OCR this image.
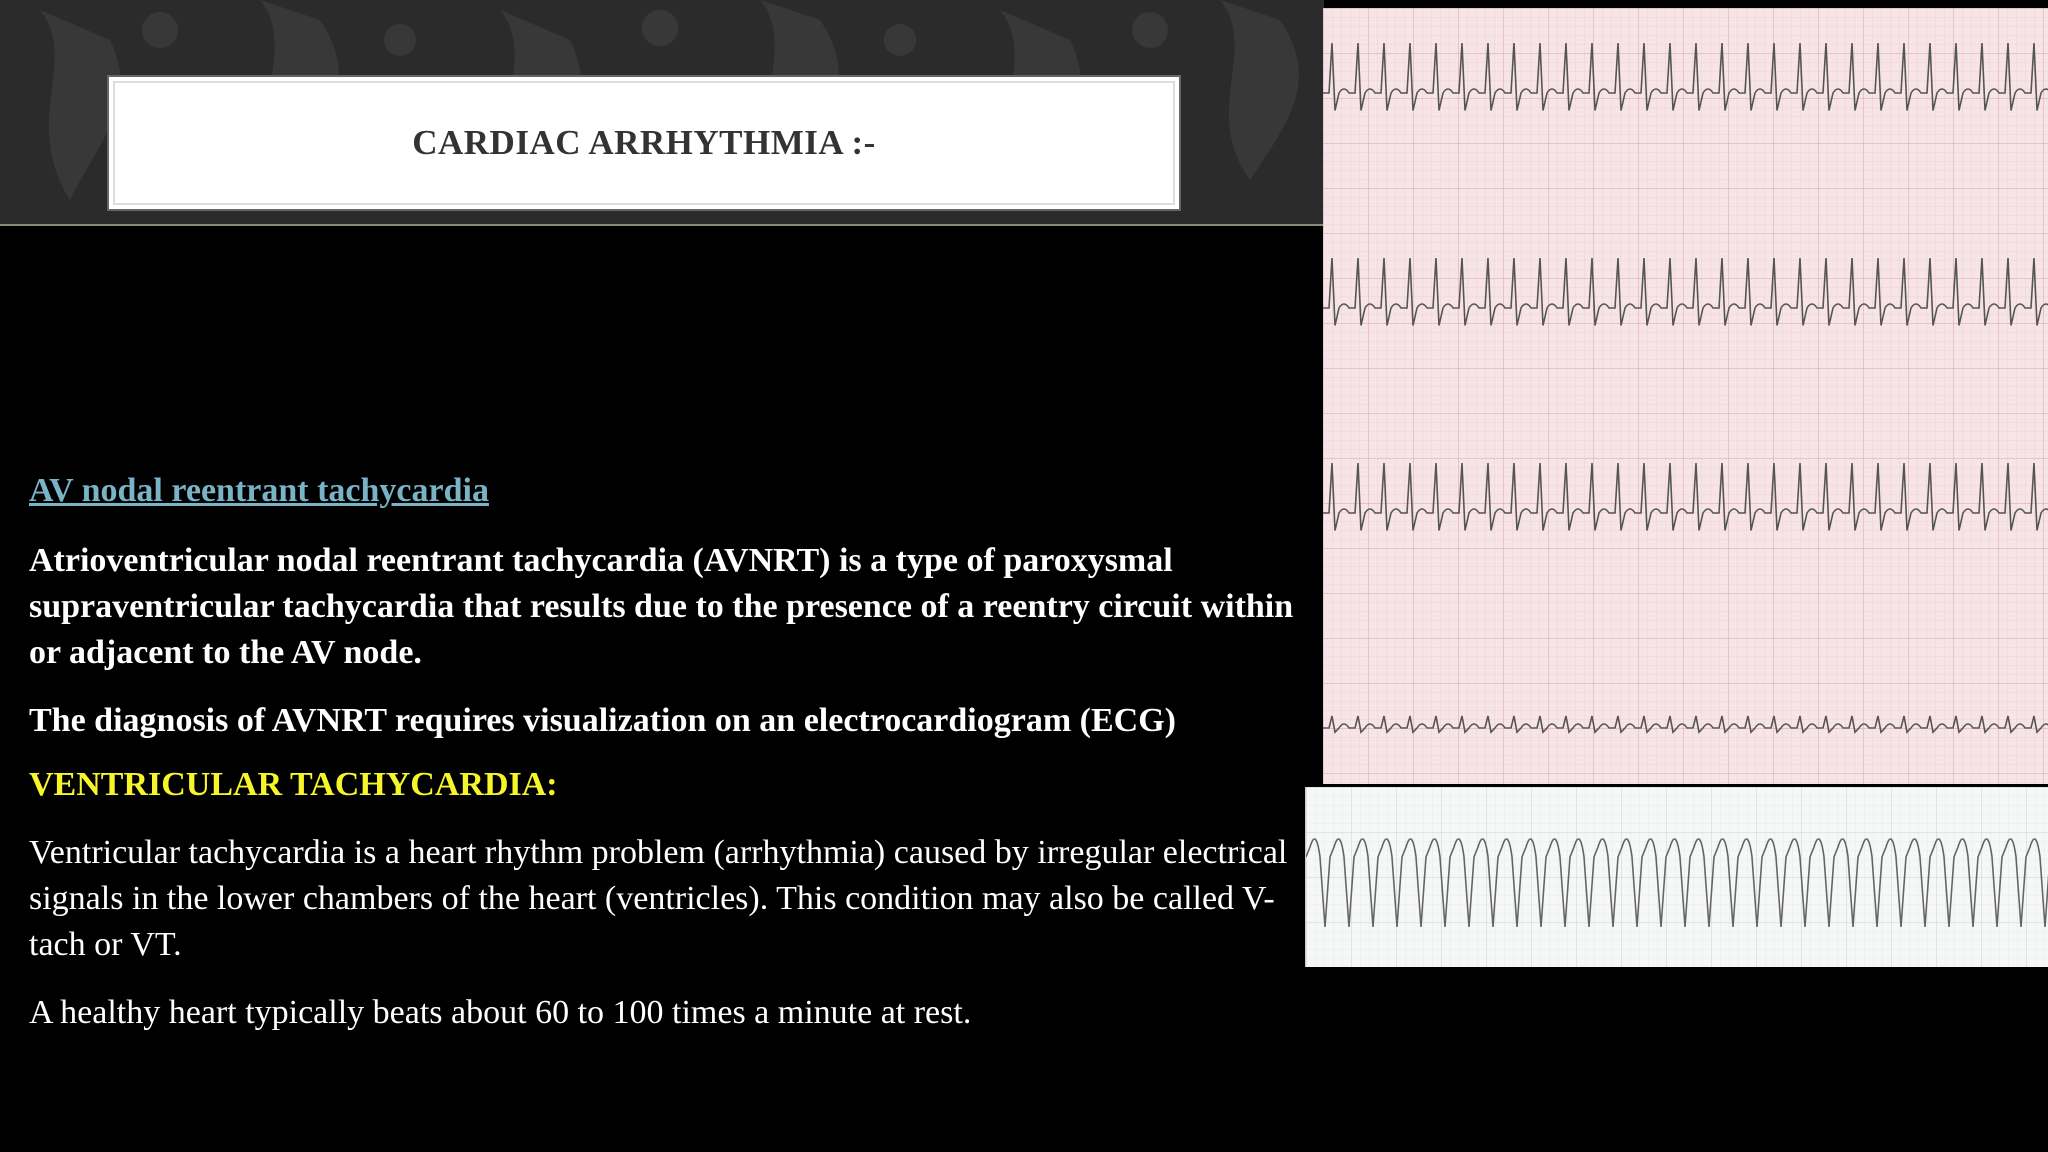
CARDIAC ARRHYTHMIA :-

AV nodal reentrant tachycardia

Atrioventricular nodal reentrant tachycardia (AVNRT) is a type of paroxysmal supraventricular tachycardia that results due to the presence of a reentry circuit within or adjacent to the AV node.

The diagnosis of AVNRT requires visualization on an electrocardiogram (ECG)

VENTRICULAR TACHYCARDIA:

Ventricular tachycardia is a heart rhythm problem (arrhythmia) caused by irregular electrical signals in the lower chambers of the heart (ventricles). This condition may also be called V-tach or VT.

A healthy heart typically beats about 60 to 100 times a minute at rest.
